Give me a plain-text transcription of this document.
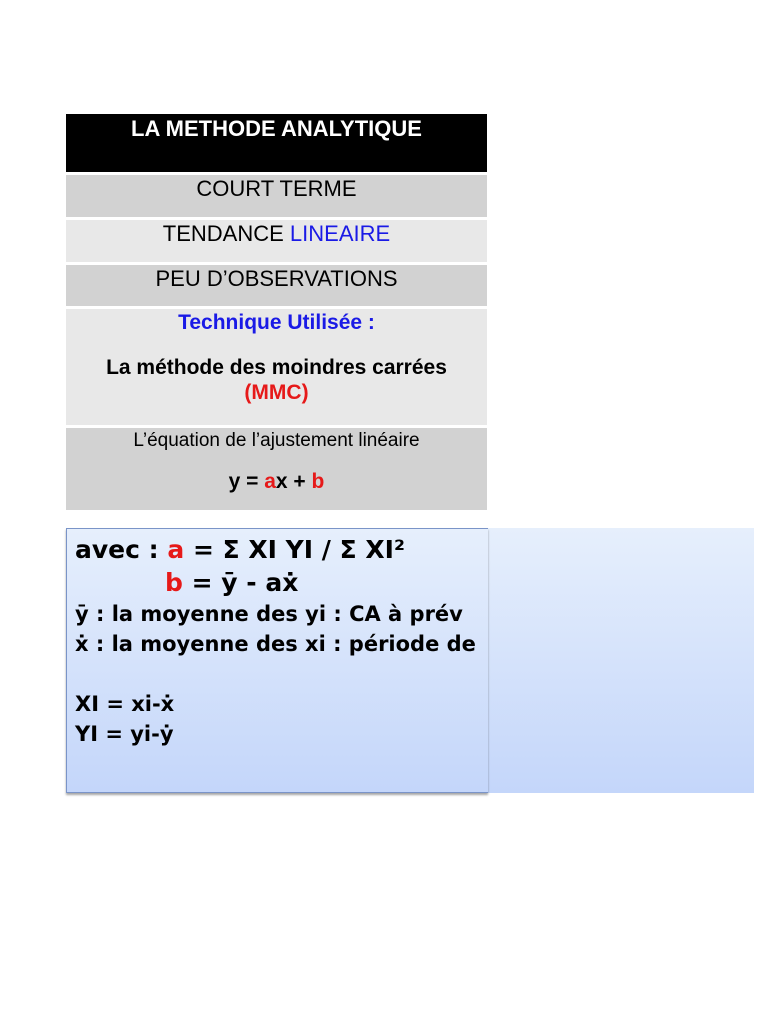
LA METHODE ANALYTIQUE
COURT TERME
TENDANCE LINEAIRE
PEU D’OBSERVATIONS
Technique Utilisée :
La méthode des moindres carrées
(MMC)
L’équation de l’ajustement linéaire
y = ax + b
avec : a = Σ XI YI / Σ XI²
b = ȳ - aẋ
ȳ : la moyenne des yi : CA à prév
ẋ : la moyenne des xi : période de
XI = xi-ẋ
YI = yi-ẏ
